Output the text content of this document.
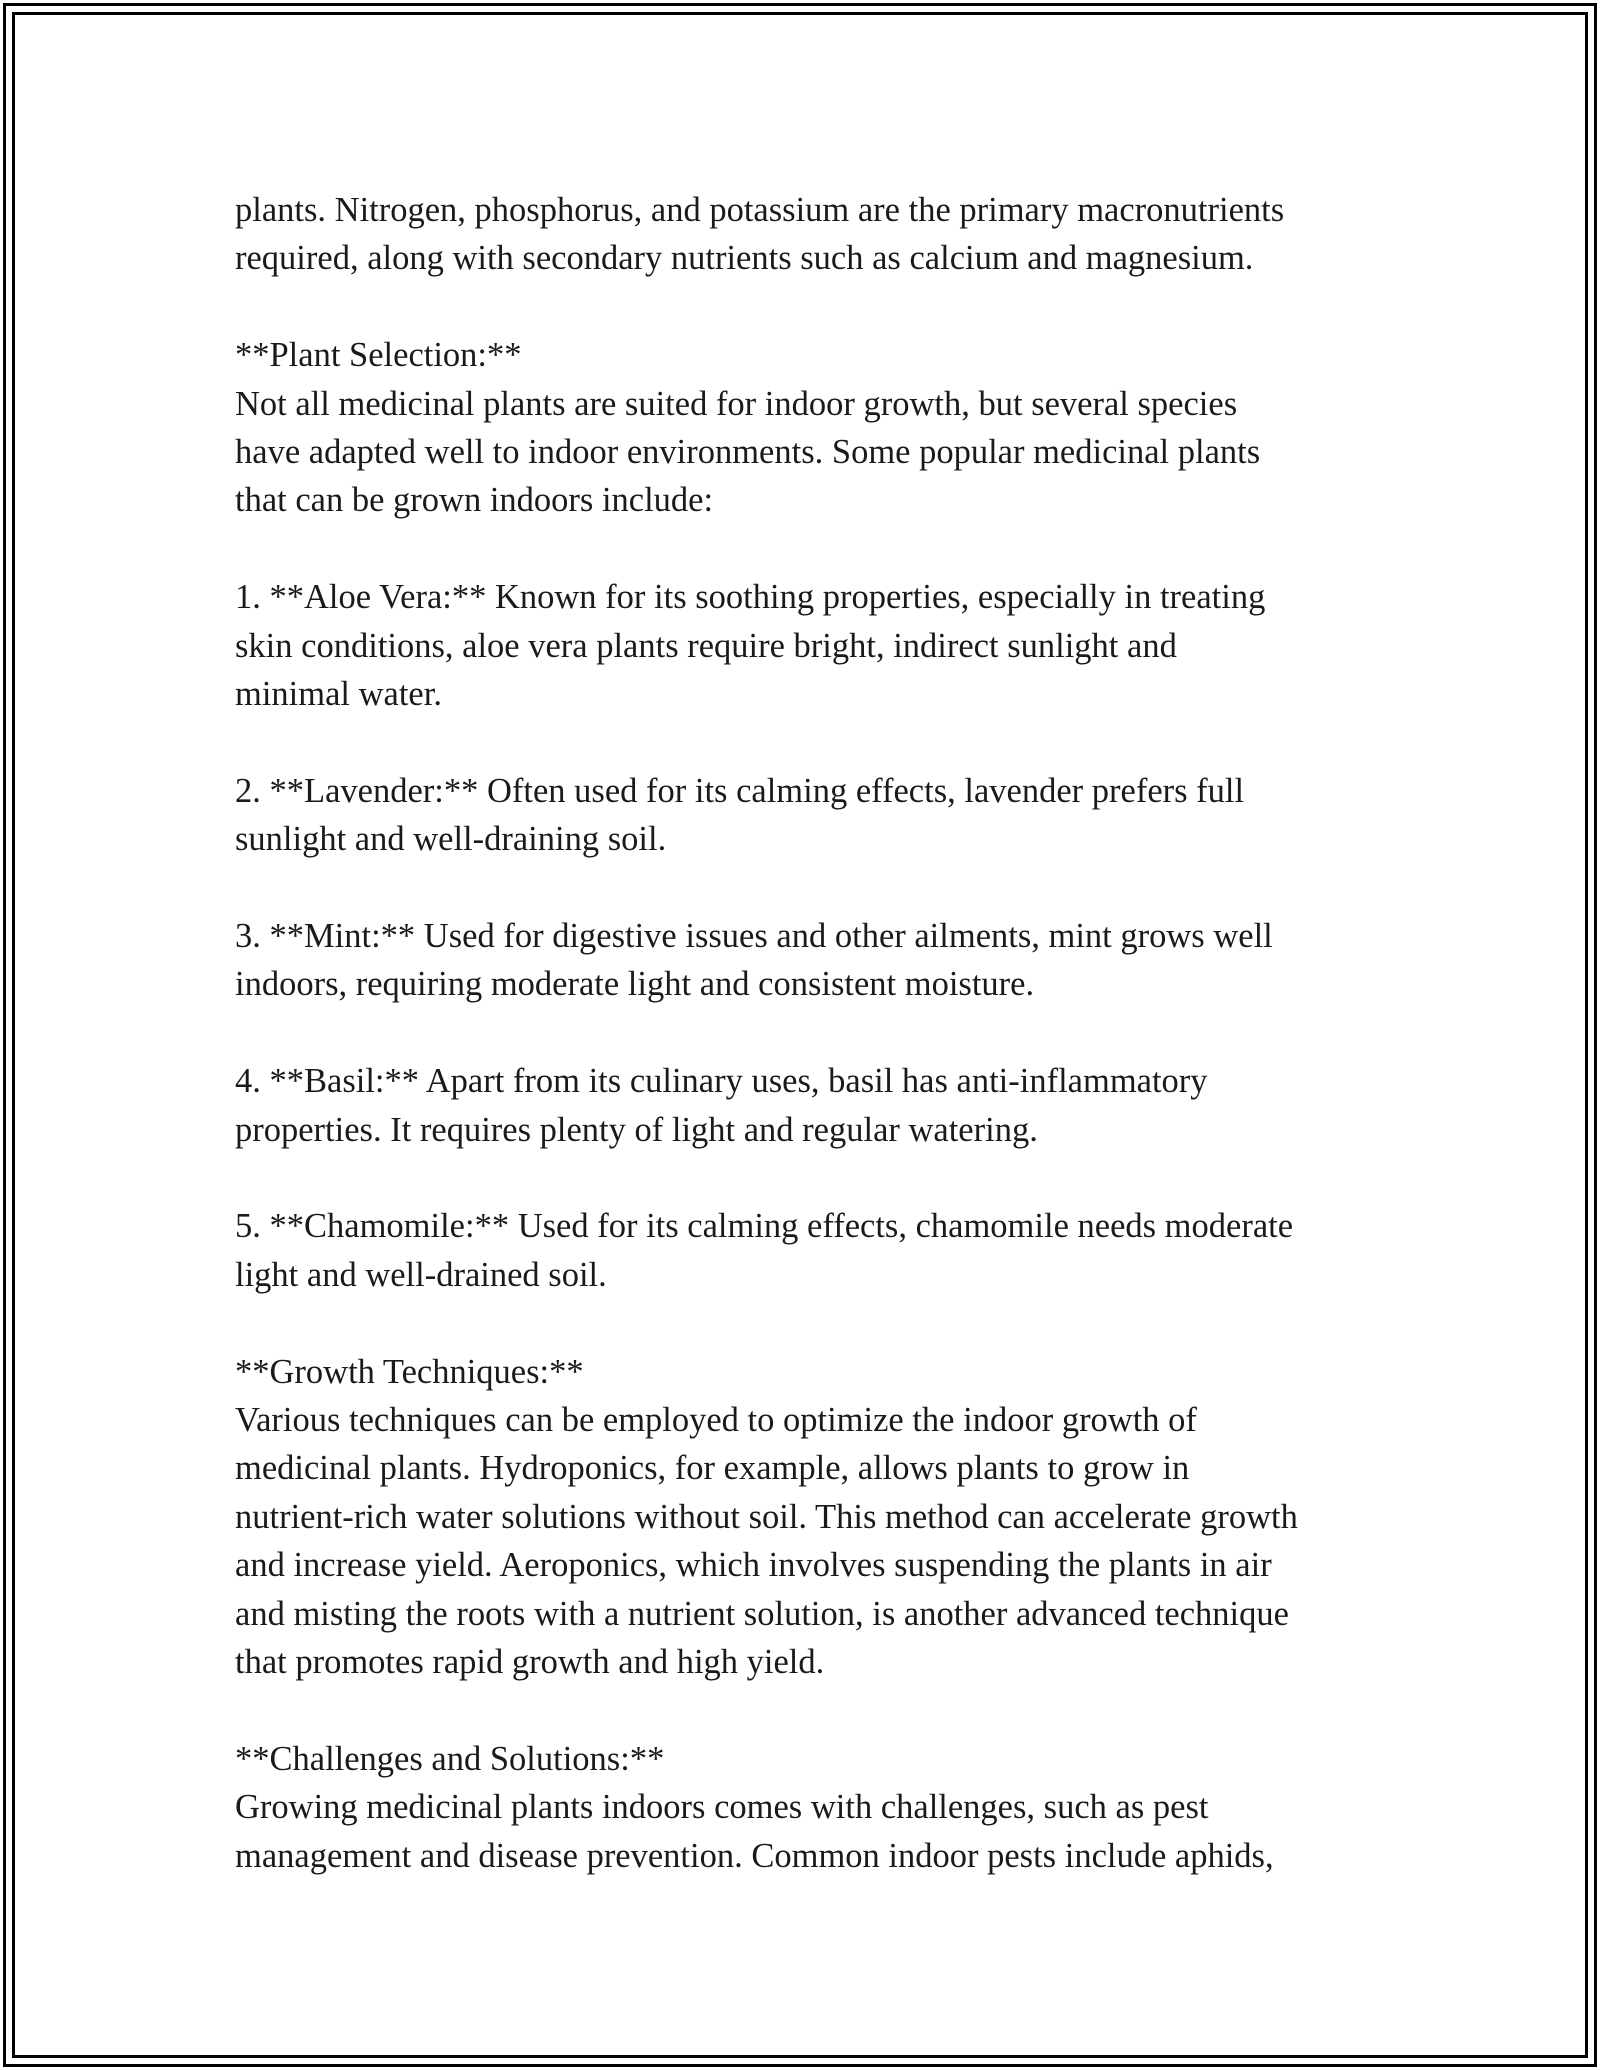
plants. Nitrogen, phosphorus, and potassium are the primary macronutrients
required, along with secondary nutrients such as calcium and magnesium.

**Plant Selection:**
Not all medicinal plants are suited for indoor growth, but several species
have adapted well to indoor environments. Some popular medicinal plants
that can be grown indoors include:

1. **Aloe Vera:** Known for its soothing properties, especially in treating
skin conditions, aloe vera plants require bright, indirect sunlight and
minimal water.

2. **Lavender:** Often used for its calming effects, lavender prefers full
sunlight and well-draining soil.

3. **Mint:** Used for digestive issues and other ailments, mint grows well
indoors, requiring moderate light and consistent moisture.

4. **Basil:** Apart from its culinary uses, basil has anti-inflammatory
properties. It requires plenty of light and regular watering.

5. **Chamomile:** Used for its calming effects, chamomile needs moderate
light and well-drained soil.

**Growth Techniques:**
Various techniques can be employed to optimize the indoor growth of
medicinal plants. Hydroponics, for example, allows plants to grow in
nutrient-rich water solutions without soil. This method can accelerate growth
and increase yield. Aeroponics, which involves suspending the plants in air
and misting the roots with a nutrient solution, is another advanced technique
that promotes rapid growth and high yield.

**Challenges and Solutions:**
Growing medicinal plants indoors comes with challenges, such as pest
management and disease prevention. Common indoor pests include aphids,
